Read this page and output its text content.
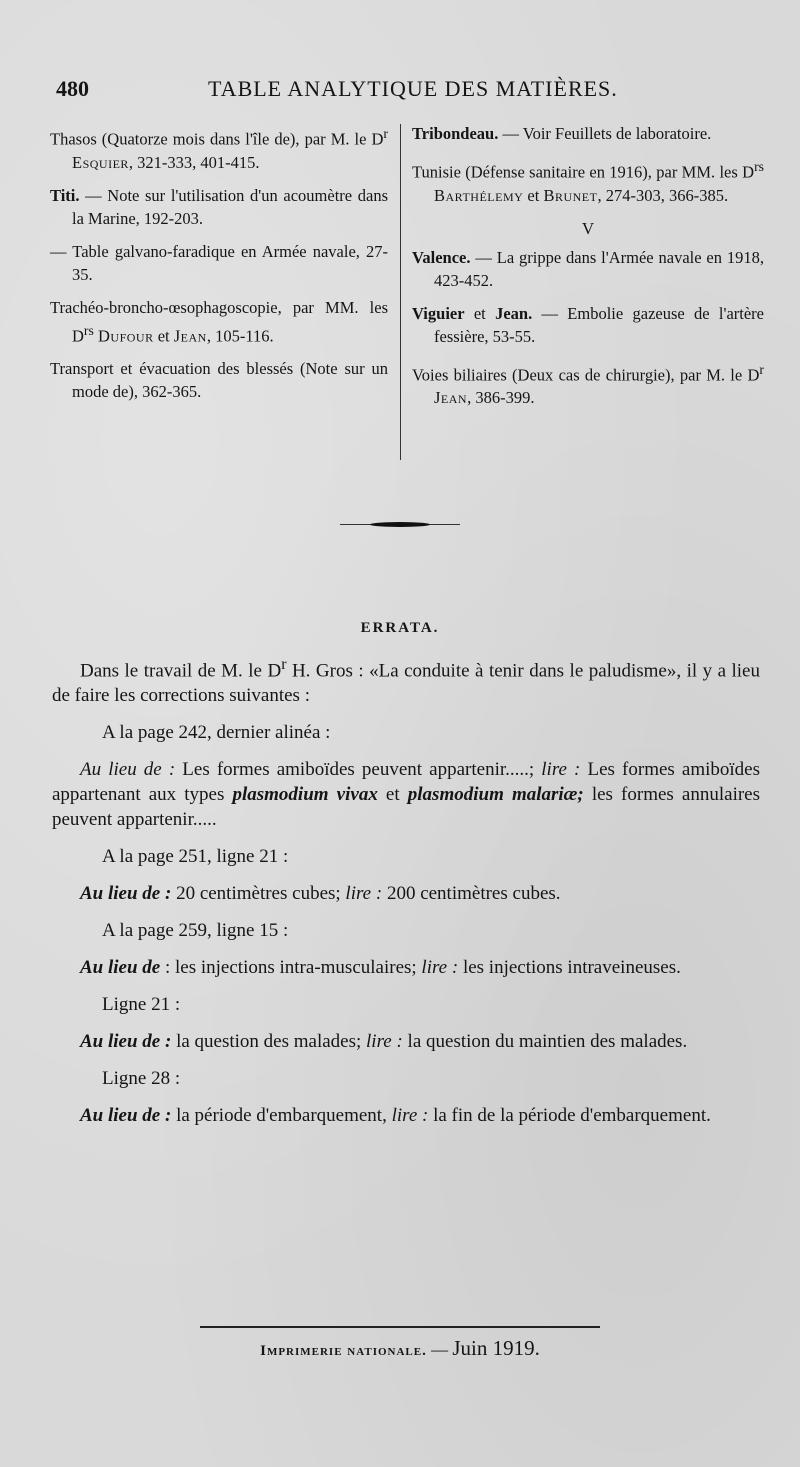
480	TABLE ANALYTIQUE DES MATIÈRES.

Thasos (Quatorze mois dans l'île de), par M. le $D^r$ Esquier, 321-333, 401-415.

Titi. — Note sur l'utilisation d'un acoumètre dans la Marine, 192-203.

— Table galvano-faradique en Armée navale, 27-35.

Trachéo-broncho-œsophagoscopie, par MM. les $D^{rs}$ Dufour et Jean, 105-116.

Transport et évacuation des blessés (Note sur un mode de), 362-365.

Tribondeau. — Voir Feuillets de laboratoire.

Tunisie (Défense sanitaire en 1916), par MM. les $D^{rs}$ Barthélemy et Brunet, 274-303, 366-385.

V

Valence. — La grippe dans l'Armée navale en 1918, 423-452.

Viguier et Jean. — Embolie gazeuse de l'artère fessière, 53-55.

Voies biliaires (Deux cas de chirurgie), par M. le $D^r$ Jean, 386-399.

ERRATA.

Dans le travail de M. le $D^r$ H. Gros : «La conduite à tenir dans le paludisme», il y a lieu de faire les corrections suivantes :

A la page 242, dernier alinéa :

Au lieu de : Les formes amiboïdes peuvent appartenir.....; lire : Les formes amiboïdes appartenant aux types plasmodium vivax et plasmodium malariæ; les formes annulaires peuvent appartenir.....

A la page 251, ligne 21 :

Au lieu de : 20 centimètres cubes; lire : 200 centimètres cubes.

A la page 259, ligne 15 :

Au lieu de : les injections intra-musculaires; lire : les injections intraveineuses.

Ligne 21 :

Au lieu de : la question des malades; lire : la question du maintien des malades.

Ligne 28 :

Au lieu de : la période d'embarquement, lire : la fin de la période d'embarquement.

Imprimerie nationale. — Juin 1919.
